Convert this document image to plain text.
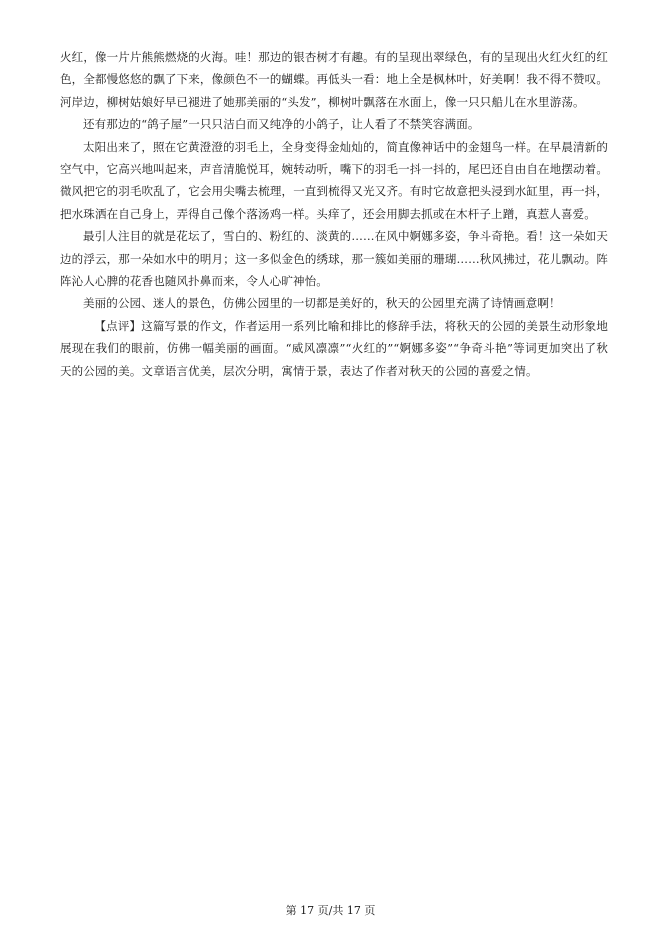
火红，像一片片熊熊燃烧的火海。哇！那边的银杏树才有趣。有的呈现出翠绿色，有的呈现出火红火红的红色，全都慢悠悠的飘了下来，像颜色不一的蝴蝶。再低头一看：地上全是枫林叶，好美啊！我不得不赞叹。河岸边，柳树姑娘好早已褪进了她那美丽的“头发”，柳树叶飘落在水面上，像一只只船儿在水里游荡。

还有那边的“鸽子屋”一只只洁白而又纯净的小鸽子，让人看了不禁笑容满面。

太阳出来了，照在它黄澄澄的羽毛上，全身变得金灿灿的，简直像神话中的金翅鸟一样。在早晨清新的空气中，它高兴地叫起来，声音清脆悦耳，婉转动听，嘴下的羽毛一抖一抖的，尾巴还自由自在地摆动着。微风把它的羽毛吹乱了，它会用尖嘴去梳理，一直到梳得又光又齐。有时它故意把头浸到水缸里，再一抖，把水珠洒在自己身上，弄得自己像个落汤鸡一样。头痒了，还会用脚去抓或在木杆子上蹭，真惹人喜爱。

最引人注目的就是花坛了，雪白的、粉红的、淡黄的……在风中婀娜多姿，争斗奇艳。看！这一朵如天边的浮云，那一朵如水中的明月；这一多似金色的绣球，那一簇如美丽的珊瑚……秋风拂过，花儿飘动。阵阵沁人心脾的花香也随风扑鼻而来，令人心旷神怡。

美丽的公园、迷人的景色，仿佛公园里的一切都是美好的，秋天的公园里充满了诗情画意啊！

【点评】这篇写景的作文，作者运用一系列比喻和排比的修辞手法，将秋天的公园的美景生动形象地展现在我们的眼前，仿佛一幅美丽的画面。“威风凛凛”“火红的”“婀娜多姿”“争奇斗艳”等词更加突出了秋天的公园的美。文章语言优美，层次分明，寓情于景，表达了作者对秋天的公园的喜爱之情。

第 17 页/共 17 页
